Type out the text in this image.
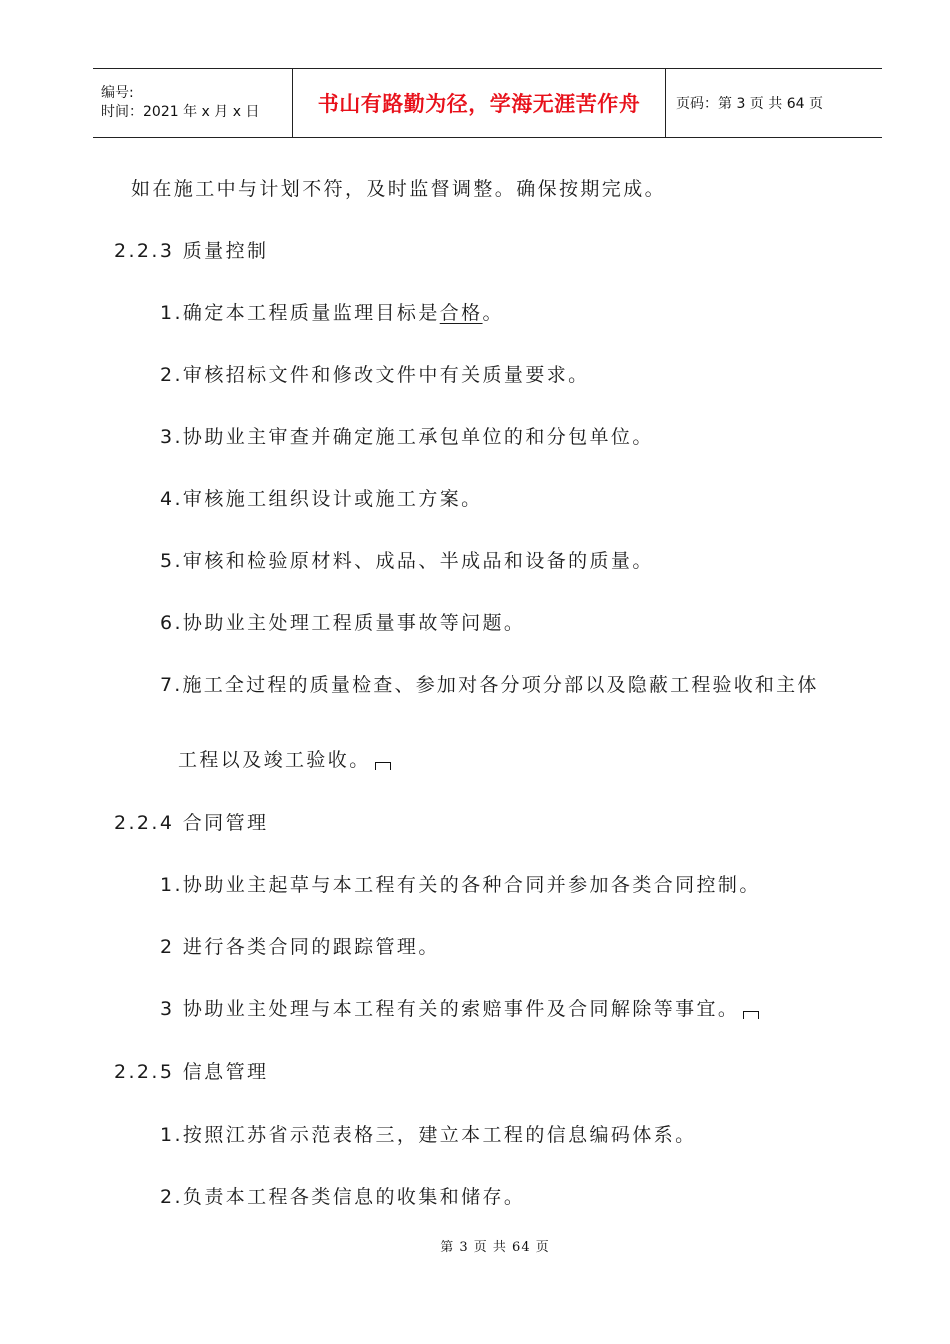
编号:
时间：2021 年 x 月 x 日	书山有路勤为径，学海无涯苦作舟	页码：第 3 页 共 64 页
如在施工中与计划不符，及时监督调整。确保按期完成。
2.2.3 质量控制
1.确定本工程质量监理目标是合格。
2.审核招标文件和修改文件中有关质量要求。
3.协助业主审查并确定施工承包单位的和分包单位。
4.审核施工组织设计或施工方案。
5.审核和检验原材料、成品、半成品和设备的质量。
6.协助业主处理工程质量事故等问题。
7.施工全过程的质量检查、参加对各分项分部以及隐蔽工程验收和主体
工程以及竣工验收。
2.2.4 合同管理
1.协助业主起草与本工程有关的各种合同并参加各类合同控制。
2 进行各类合同的跟踪管理。
3 协助业主处理与本工程有关的索赔事件及合同解除等事宜。
2.2.5 信息管理
1.按照江苏省示范表格三，建立本工程的信息编码体系。
2.负责本工程各类信息的收集和储存。
第 3 页 共 64 页
